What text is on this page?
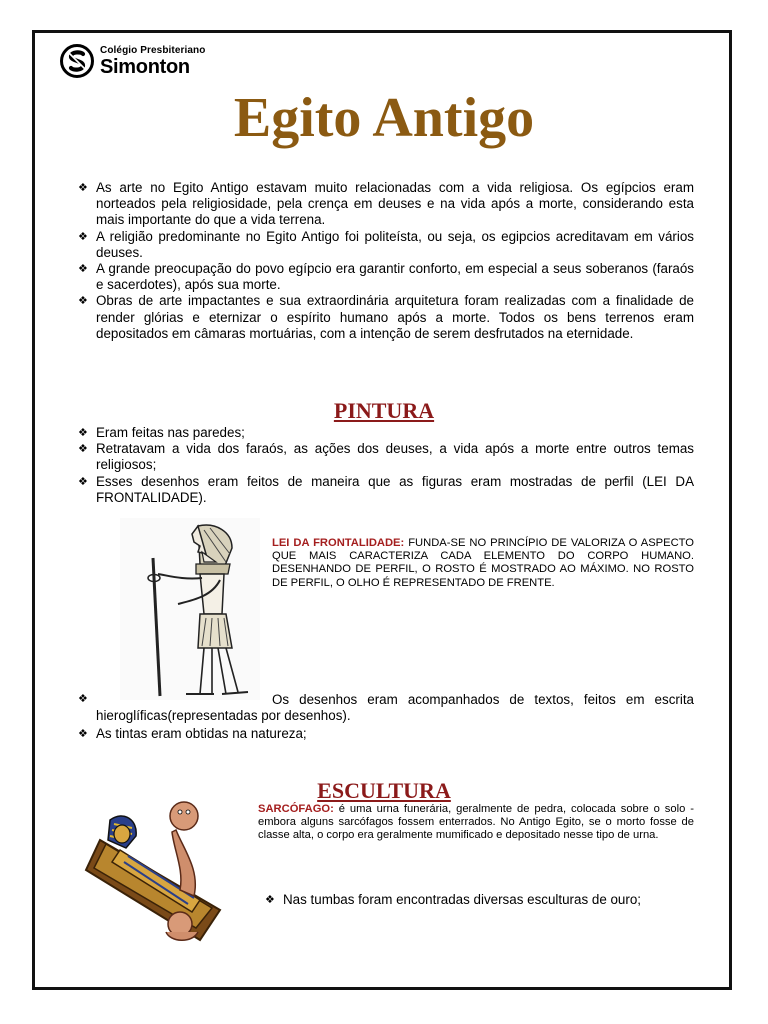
Colégio Presbiteriano
Simonton
Egito Antigo
❖ As arte no Egito Antigo estavam muito relacionadas com a vida religiosa. Os egípcios eram norteados pela religiosidade, pela crença em deuses e na vida após a morte, considerando esta mais importante do que a vida terrena.
❖ A religião predominante no Egito Antigo foi politeísta, ou seja, os egipcios acreditavam em vários deuses.
❖ A grande preocupação do povo egípcio era garantir conforto, em especial a seus soberanos (faraós e sacerdotes), após sua morte.
❖ Obras de arte impactantes e sua extraordinária arquitetura foram realizadas com a finalidade de render glórias e eternizar o espírito humano após a morte. Todos os bens terrenos eram depositados em câmaras mortuárias, com a intenção de serem desfrutados na eternidade.
PINTURA
❖ Eram feitas nas paredes;
❖ Retratavam a vida dos faraós, as ações dos deuses, a vida após a morte entre outros temas religiosos;
❖ Esses desenhos eram feitos de maneira que as figuras eram mostradas de perfil (LEI DA FRONTALIDADE).
LEI DA FRONTALIDADE: FUNDA-SE NO PRINCÍPIO DE VALORIZA O ASPECTO QUE MAIS CARACTERIZA CADA ELEMENTO DO CORPO HUMANO. DESENHANDO DE PERFIL, O ROSTO É MOSTRADO AO MÁXIMO. NO ROSTO DE PERFIL, O OLHO É REPRESENTADO DE FRENTE.
❖	Os desenhos eram acompanhados de textos, feitos em escrita hieroglíficas(representadas por desenhos).
❖ As tintas eram obtidas na natureza;
ESCULTURA
SARCÓFAGO: é uma urna funerária, geralmente de pedra, colocada sobre o solo - embora alguns sarcófagos fossem enterrados. No Antigo Egito, se o morto fosse de classe alta, o corpo era geralmente mumificado e depositado nesse tipo de urna.
❖ Nas tumbas foram encontradas diversas esculturas de ouro;
